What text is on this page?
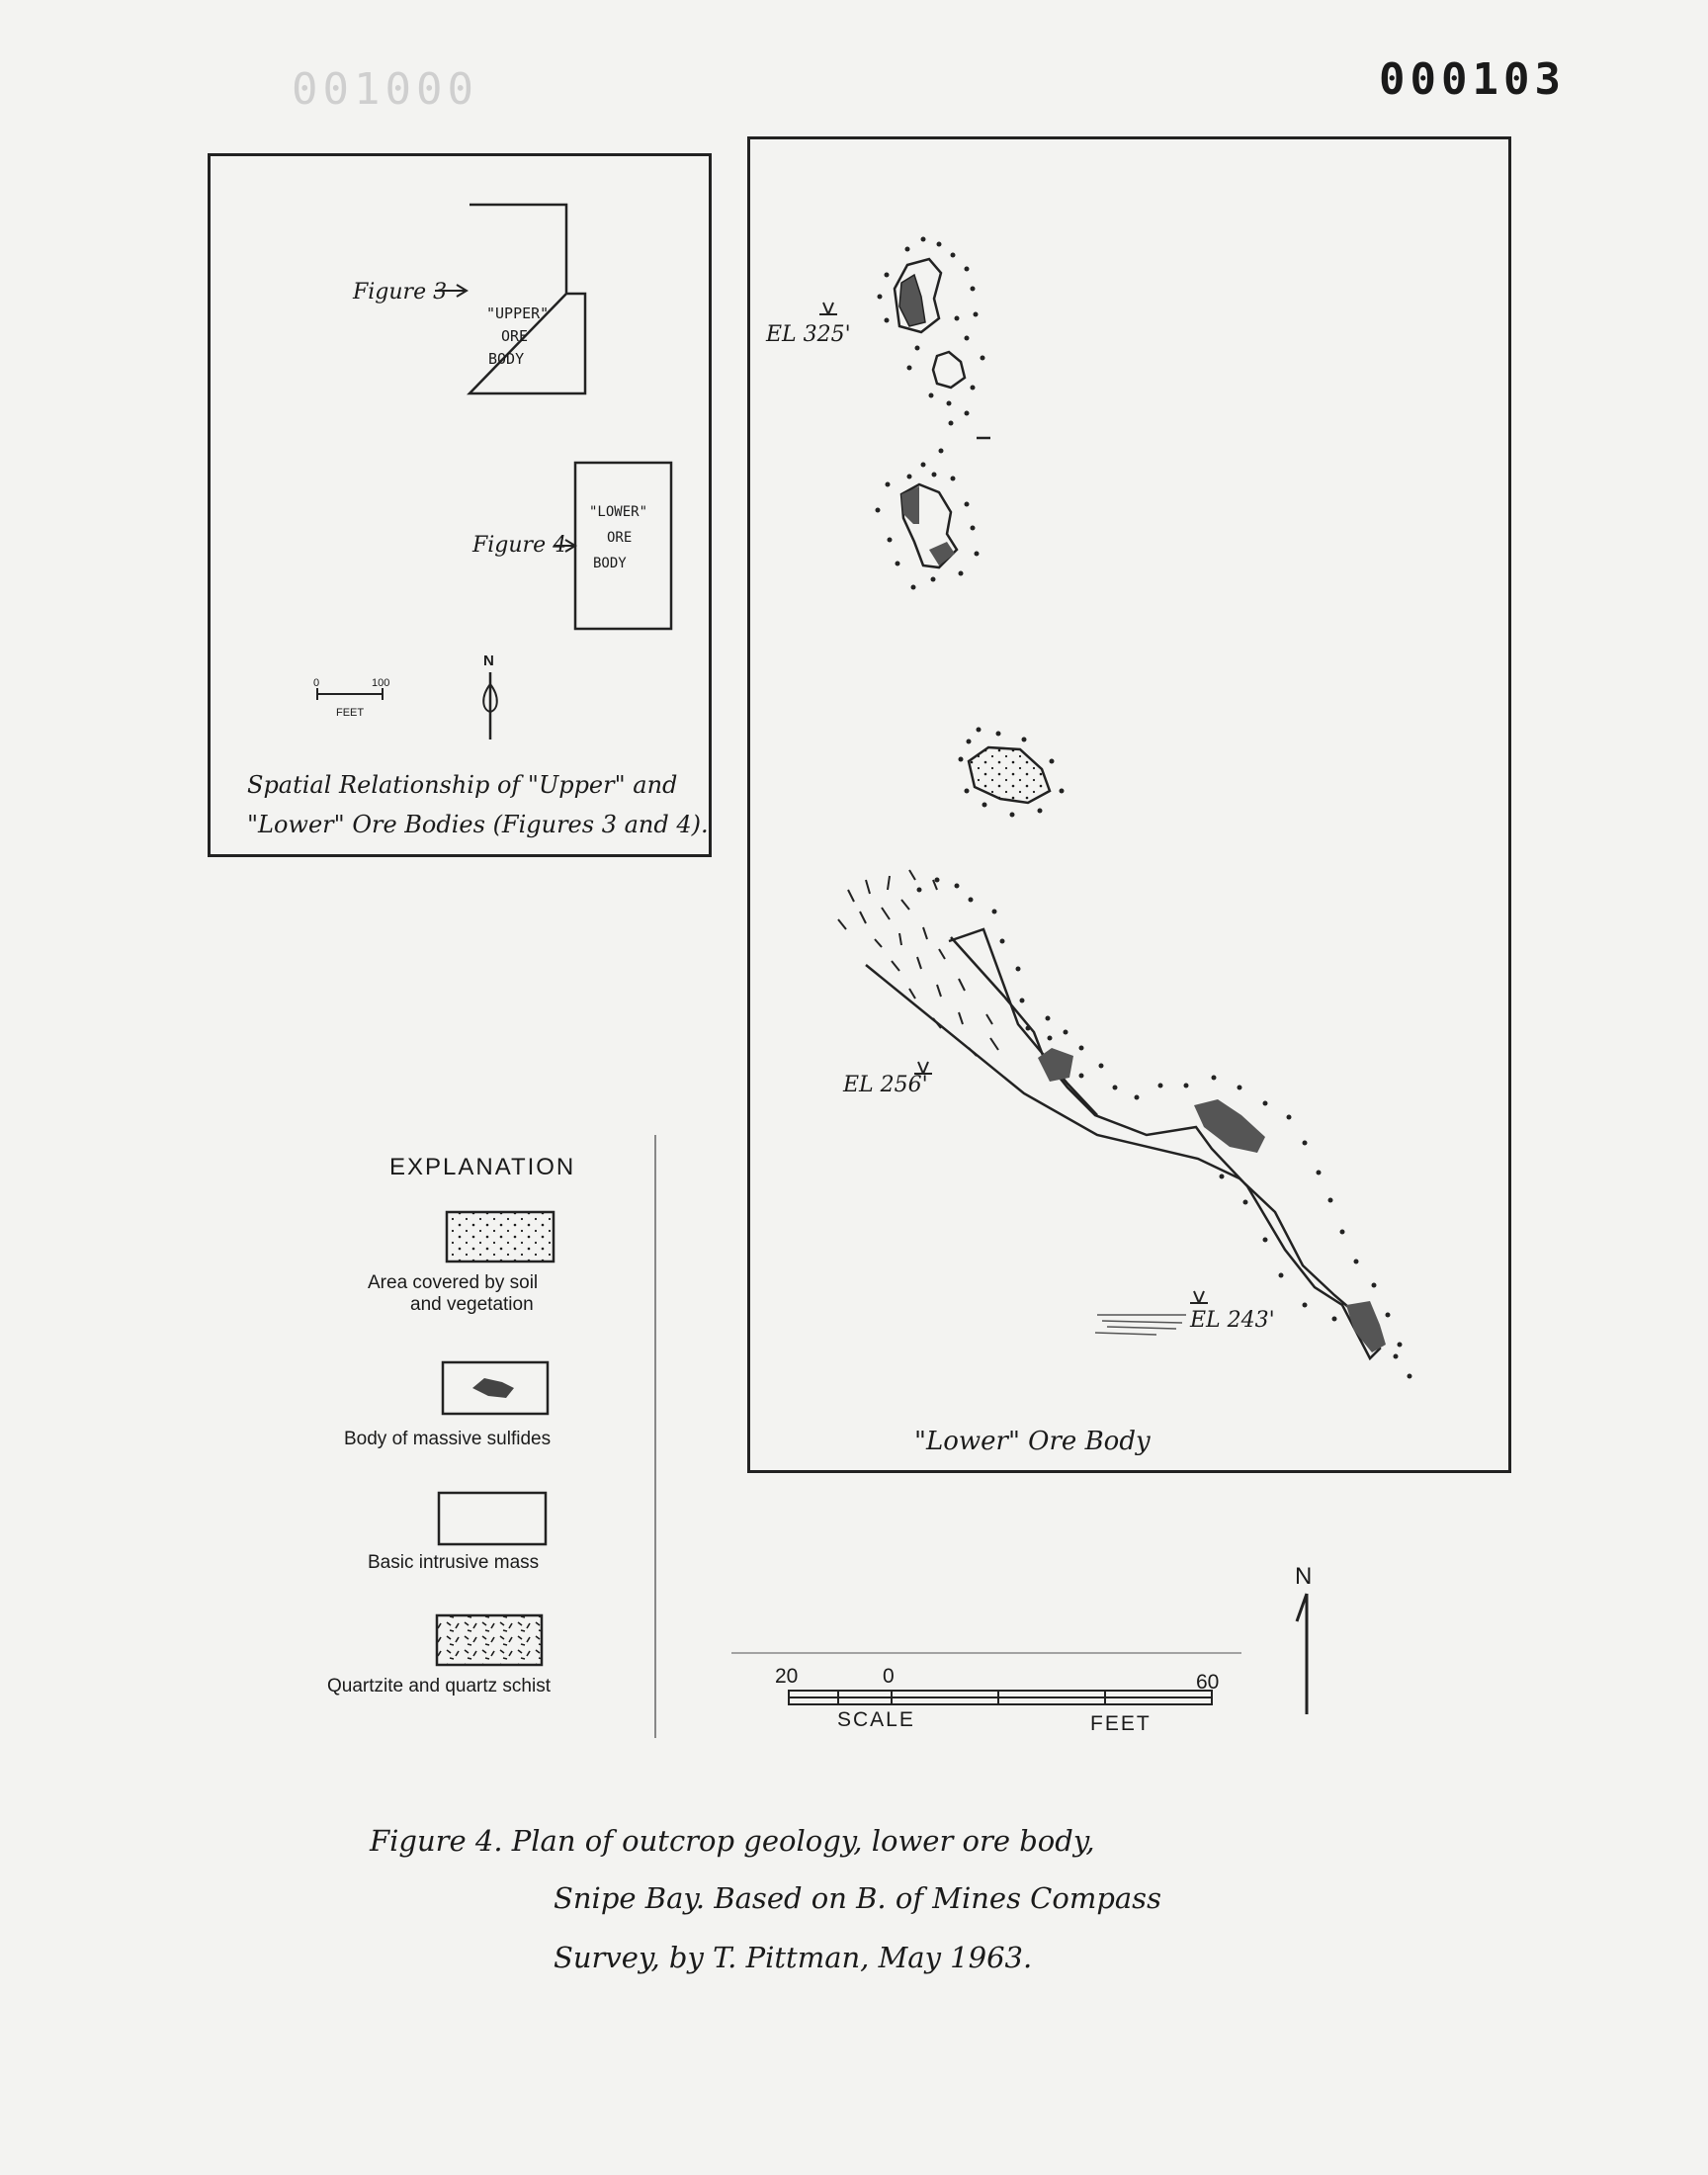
000103
001000
"UPPER"
ORE
BODY
"LOWER"
ORE
BODY
Figure 3
Figure 4
0	100
FEET
N
Spatial Relationship of "Upper" and
"Lower" Ore Bodies (Figures 3 and 4).
EL 325'
EL 256'
EL 243'
"Lower" Ore Body
EXPLANATION
Area covered by soil
and vegetation
Body of massive sulfides
Basic intrusive mass
Quartzite and quartz schist	20	0	60
SCALE	FEET
N
Figure 4. Plan of outcrop geology, lower ore body,
Snipe Bay. Based on B. of Mines Compass
Survey, by T. Pittman, May 1963.
